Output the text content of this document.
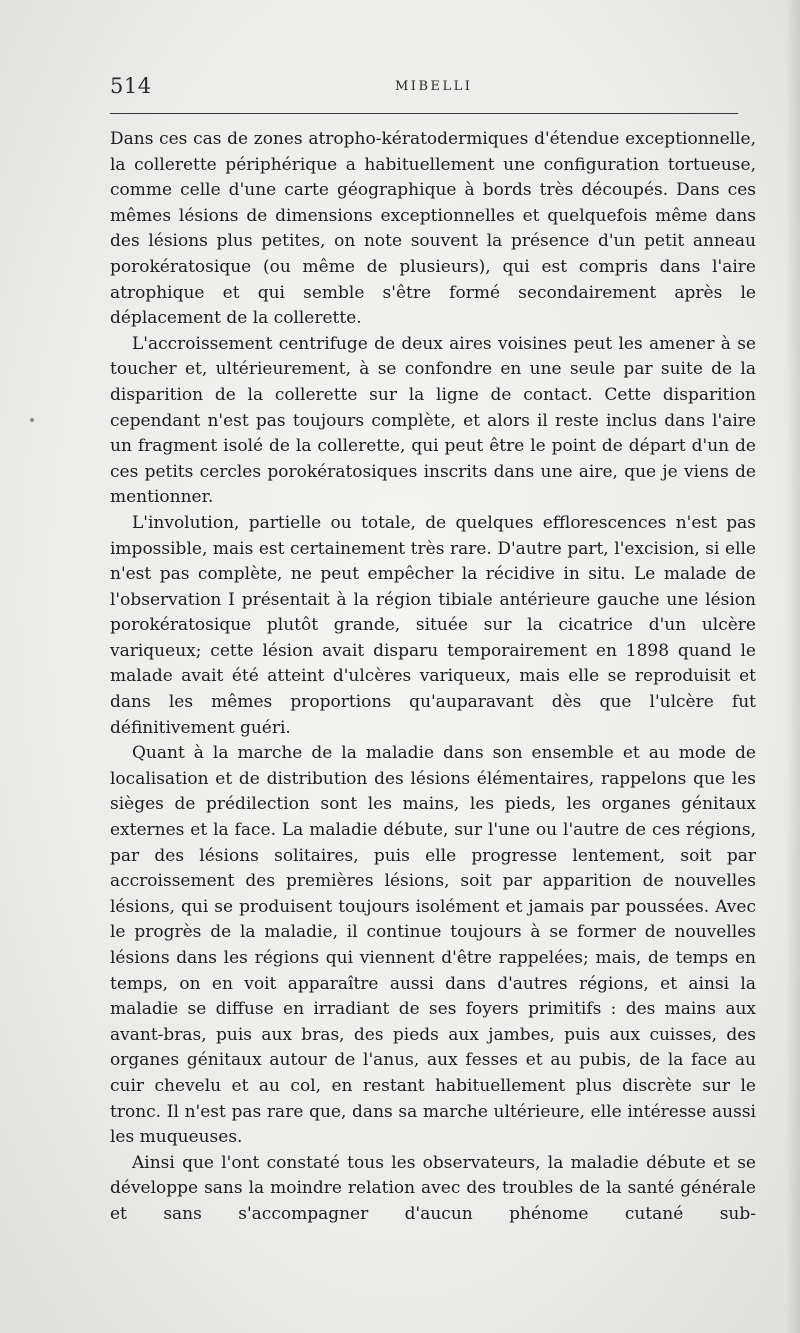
514	MIBELLI

Dans ces cas de zones atropho-kératodermiques d'étendue exceptionnelle, la collerette périphérique a habituellement une configuration tortueuse, comme celle d'une carte géographique à bords très découpés. Dans ces mêmes lésions de dimensions exceptionnelles et quelquefois même dans des lésions plus petites, on note souvent la présence d'un petit anneau porokératosique (ou même de plusieurs), qui est compris dans l'aire atrophique et qui semble s'être formé secondairement après le déplacement de la collerette.

L'accroissement centrifuge de deux aires voisines peut les amener à se toucher et, ultérieurement, à se confondre en une seule par suite de la disparition de la collerette sur la ligne de contact. Cette disparition cependant n'est pas toujours complète, et alors il reste inclus dans l'aire un fragment isolé de la collerette, qui peut être le point de départ d'un de ces petits cercles porokératosiques inscrits dans une aire, que je viens de mentionner.

L'involution, partielle ou totale, de quelques efflorescences n'est pas impossible, mais est certainement très rare. D'autre part, l'excision, si elle n'est pas complète, ne peut empêcher la récidive in situ. Le malade de l'observation I présentait à la région tibiale antérieure gauche une lésion porokératosique plutôt grande, située sur la cicatrice d'un ulcère variqueux; cette lésion avait disparu temporairement en 1898 quand le malade avait été atteint d'ulcères variqueux, mais elle se reproduisit et dans les mêmes proportions qu'auparavant dès que l'ulcère fut définitivement guéri.

Quant à la marche de la maladie dans son ensemble et au mode de localisation et de distribution des lésions élémentaires, rappelons que les sièges de prédilection sont les mains, les pieds, les organes génitaux externes et la face. La maladie débute, sur l'une ou l'autre de ces régions, par des lésions solitaires, puis elle progresse lentement, soit par accroissement des premières lésions, soit par apparition de nouvelles lésions, qui se produisent toujours isolément et jamais par poussées. Avec le progrès de la maladie, il continue toujours à se former de nouvelles lésions dans les régions qui viennent d'être rappelées; mais, de temps en temps, on en voit apparaître aussi dans d'autres régions, et ainsi la maladie se diffuse en irradiant de ses foyers primitifs : des mains aux avant-bras, puis aux bras, des pieds aux jambes, puis aux cuisses, des organes génitaux autour de l'anus, aux fesses et au pubis, de la face au cuir chevelu et au col, en restant habituellement plus discrète sur le tronc. Il n'est pas rare que, dans sa marche ultérieure, elle intéresse aussi les muqueuses.

Ainsi que l'ont constaté tous les observateurs, la maladie débute et se développe sans la moindre relation avec des troubles de la santé générale et sans s'accompagner d'aucun phénome cutané sub-
